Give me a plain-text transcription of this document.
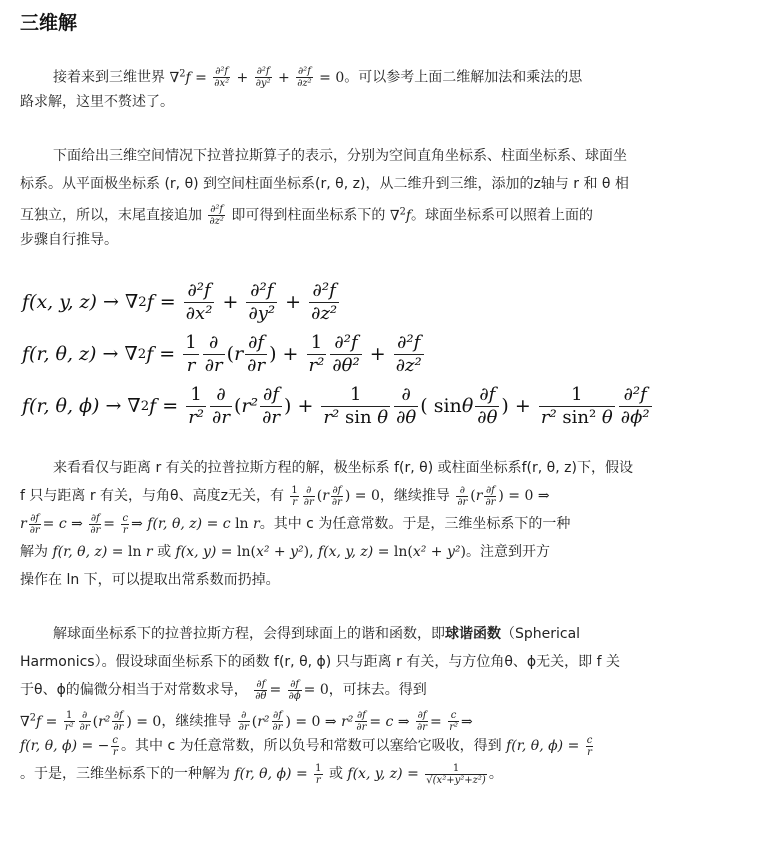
三维解
接着来到三维世界 $\nabla^2f = \frac{\text{∂²f}}{\text{∂x²}} + \frac{\text{∂²f}}{\text{∂y²}} + \frac{\text{∂²f}}{\text{∂z²}} = 0$。可以参考上面二维解加法和乘法的思
路求解，这里不赘述了。
下面给出三维空间情况下拉普拉斯算子的表示，分别为空间直角坐标系、柱面坐标系、球面坐
标系。从平面极坐标系 (r, θ) 到空间柱面坐标系(r, θ, z)，从二维升到三维，添加的z轴与 r 和 θ 相
互独立，所以，末尾直接追加 $\frac{\text{∂²f}}{\text{∂z²}}$ 即可得到柱面坐标系下的 ∇$^2$f。球面坐标系可以照着上面的
步骤自行推导。
f(x, y, z) → ∇ 2 $f = \frac{\text{∂²f}}{\text{∂x²}} + \frac{\text{∂²f}}{\text{∂y²}} + \frac{\text{∂²f}}{\text{∂z²}}$
f(r, θ, z) → ∇ 2 $f = \frac{1}{r}$ ∂
∂r ( r
∂f
∂r ) + $\frac{1}{\text{r²}} \partial^2f$
$\partial\theta^2 + \frac{\text{∂²f}}{\text{∂z²}}$
f(r, θ, ϕ) → ∇ 2 $f = \frac{1}{\text{r²}}$ ∂
∂r ( r²
∂f
∂r ) + $\frac{1}{\text{r² sin θ}}$ ∂
∂θ ( sin θ
∂f
∂θ ) + $\frac{1}{\text{r² sin² θ}} \partial^2f$
∂ϕ²
来看看仅与距离 r 有关的拉普拉斯方程的解，极坐标系 f(r, θ) 或柱面坐标系f(r, θ, z)下，假设
f 只与距离 r 有关，与角θ、高度z无关，有 $\frac{1}{r} \frac{\partial}{\partial r} (r \frac{\partial f}{\partial r}$ ) = 0，继续推导 $\frac{\partial}{\partial r} (r \frac{\partial f}{\partial r}$ ) = 0 ⇒
r $\frac{\partial f}{\partial r} = c$ ⇒ $\frac{\partial f}{\partial r} = \frac{c}{r}$ ⇒ f(r, θ, z) = c ln r。其中 c 为任意常数。于是，三维坐标系下的一种
解为 f(r, θ, z) = ln r 或 f(x, y) = ln(x² + y²), f(x, y, z) = ln(x² + y²)。注意到开方
操作在 ln 下，可以提取出常系数而扔掉。
解球面坐标系下的拉普拉斯方程，会得到球面上的谐和函数，即球谐函数（Spherical
Harmonics）。假设球面坐标系下的函数 f(r, θ, ϕ) 只与距离 r 有关，与方位角θ、ϕ无关，即 f 关
于θ、ϕ的偏微分相当于对常数求导， $\frac{\partial f}{\partial\theta} = \frac{\partial f}{\partial\phi} = 0$，可抹去。得到
$\nabla^2f = \frac{1}{\text{r²}} \frac{\partial}{\partial r} (r^2 \frac{\partial f}{\partial r}$ ) = 0，继续推导 $\frac{\partial}{\partial r} (r^2 \frac{\partial f}{\partial r}$ ) = 0 ⇒ $r^2 \frac{\partial f}{\partial r} = c$ ⇒ $\frac{\partial f}{\partial r} = \frac{c}{\text{r²}}$ ⇒
f(r, θ, ϕ) = − $\frac{c}{r}$ 。其中 c 为任意常数，所以负号和常数可以塞给它吸收，得到 f(r, θ, $\phi) = \frac{c}{r}$
。于是，三维坐标系下的一种解为 f(r, θ, $\phi) = \frac{1}{r}$ 或 f(x, y, $z) = \frac{1}{\text{√(x²+y²+z²)}}$ 。
